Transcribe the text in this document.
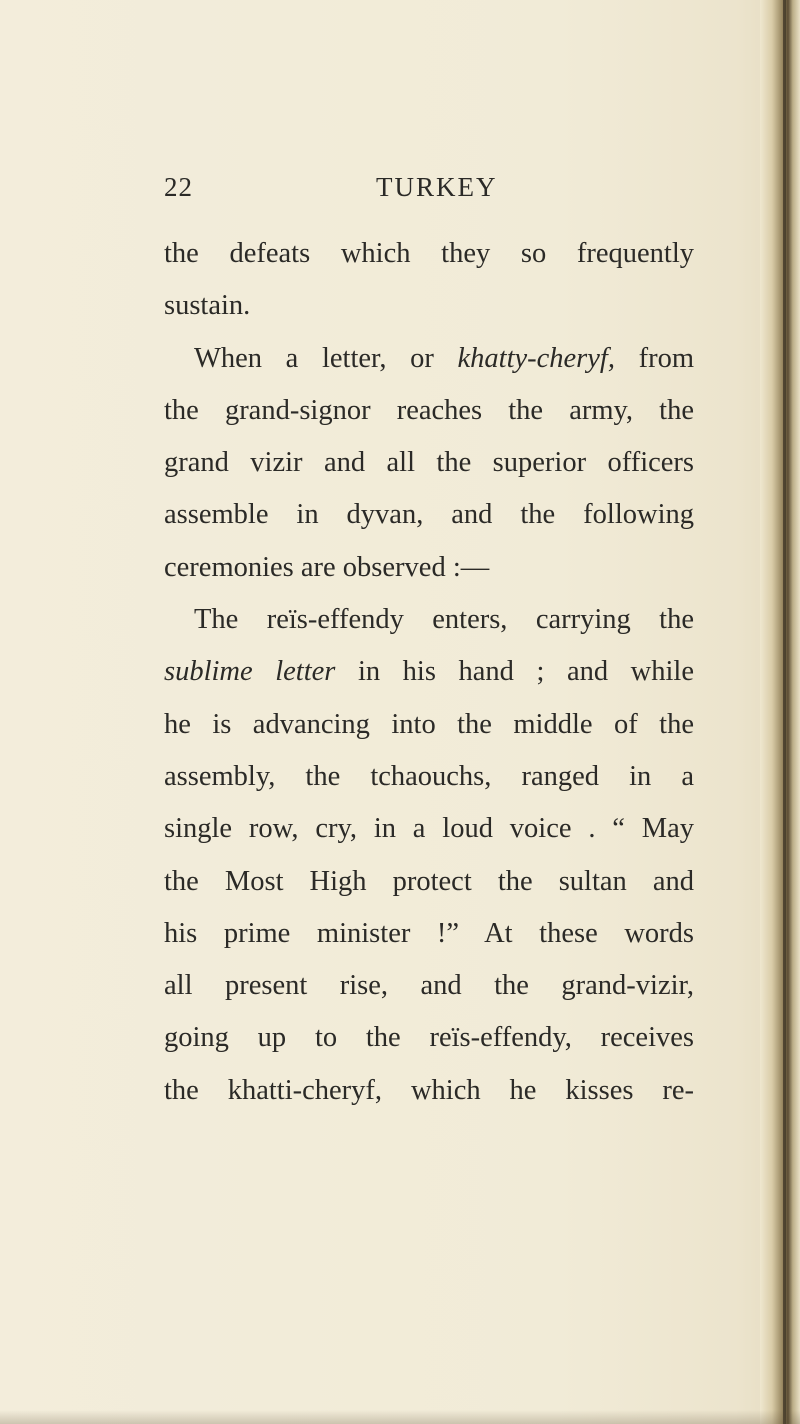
22	TURKEY
the defeats which they so frequently
sustain.
When a letter, or khatty-cheryf, from
the grand-signor reaches the army, the
grand vizir and all the superior officers
assemble in dyvan, and the following
ceremonies are observed :—
The reïs-effendy enters, carrying the
sublime letter in his hand ; and while
he is advancing into the middle of the
assembly, the tchaouchs, ranged in a
single row, cry, in a loud voice . “ May
the Most High protect the sultan and
his prime minister !” At these words
all present rise, and the grand-vizir,
going up to the reïs-effendy, receives
the khatti-cheryf, which he kisses re-
